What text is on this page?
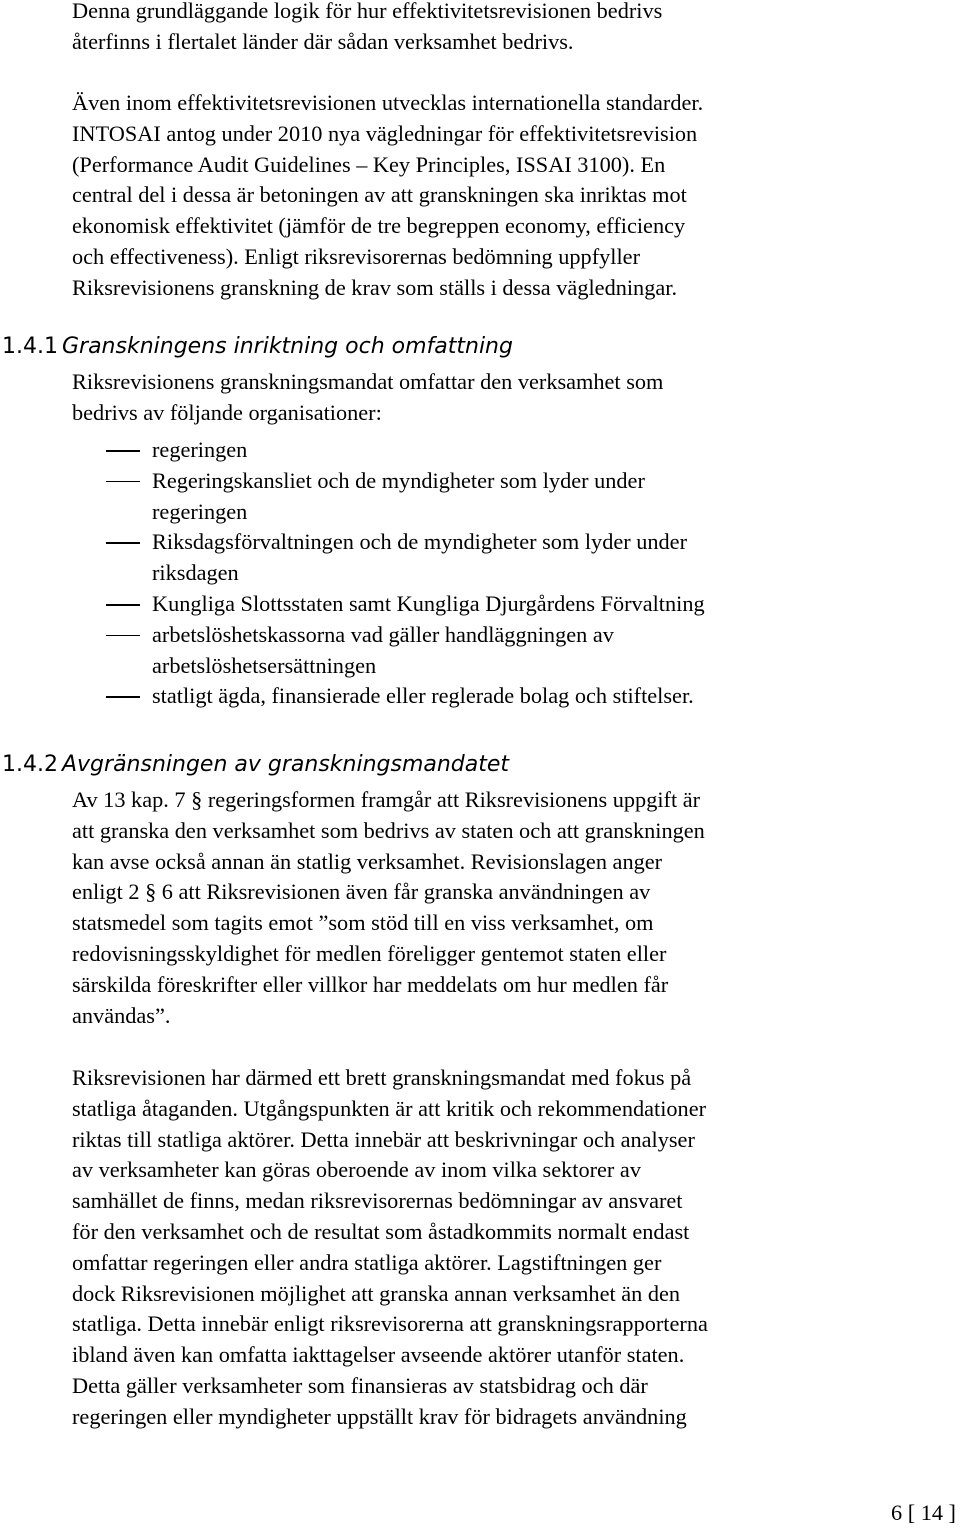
Denna grundläggande logik för hur effektivitetsrevisionen bedrivs
återfinns i flertalet länder där sådan verksamhet bedrivs.

Även inom effektivitetsrevisionen utvecklas internationella standarder.
INTOSAI antog under 2010 nya vägledningar för effektivitetsrevision
(Performance Audit Guidelines – Key Principles, ISSAI 3100). En
central del i dessa är betoningen av att granskningen ska inriktas mot
ekonomisk effektivitet (jämför de tre begreppen economy, efficiency
och effectiveness). Enligt riksrevisorernas bedömning uppfyller
Riksrevisionens granskning de krav som ställs i dessa vägledningar.

1.4.1 Granskningens inriktning och omfattning

Riksrevisionens granskningsmandat omfattar den verksamhet som
bedrivs av följande organisationer:

regeringen
Regeringskansliet och de myndigheter som lyder under
regeringen
Riksdagsförvaltningen och de myndigheter som lyder under
riksdagen
Kungliga Slottsstaten samt Kungliga Djurgårdens Förvaltning
arbetslöshetskassorna vad gäller handläggningen av
arbetslöshetsersättningen
statligt ägda, finansierade eller reglerade bolag och stiftelser.
1.4.2 Avgränsningen av granskningsmandatet

Av 13 kap. 7 § regeringsformen framgår att Riksrevisionens uppgift är
att granska den verksamhet som bedrivs av staten och att granskningen
kan avse också annan än statlig verksamhet. Revisionslagen anger
enligt 2 § 6 att Riksrevisionen även får granska användningen av
statsmedel som tagits emot ”som stöd till en viss verksamhet, om
redovisningsskyldighet för medlen föreligger gentemot staten eller
särskilda föreskrifter eller villkor har meddelats om hur medlen får
användas”.

Riksrevisionen har därmed ett brett granskningsmandat med fokus på
statliga åtaganden. Utgångspunkten är att kritik och rekommendationer
riktas till statliga aktörer. Detta innebär att beskrivningar och analyser
av verksamheter kan göras oberoende av inom vilka sektorer av
samhället de finns, medan riksrevisorernas bedömningar av ansvaret
för den verksamhet och de resultat som åstadkommits normalt endast
omfattar regeringen eller andra statliga aktörer. Lagstiftningen ger
dock Riksrevisionen möjlighet att granska annan verksamhet än den
statliga. Detta innebär enligt riksrevisorerna att granskningsrapporterna
ibland även kan omfatta iakttagelser avseende aktörer utanför staten.
Detta gäller verksamheter som finansieras av statsbidrag och där
regeringen eller myndigheter uppställt krav för bidragets användning

6 [ 14 ]
